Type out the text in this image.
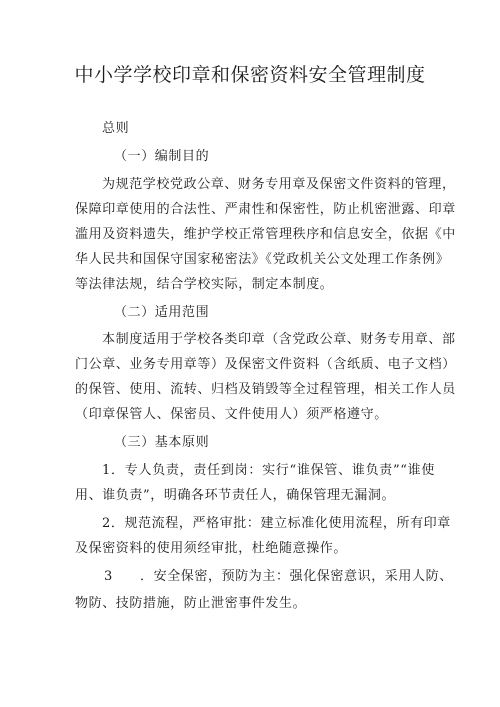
中小学学校印章和保密资料安全管理制度
总则
（一）编制目的
为规范学校党政公章、财务专用章及保密文件资料的管理，
保障印章使用的合法性、严肃性和保密性，防止机密泄露、印章
滥用及资料遗失，维护学校正常管理秩序和信息安全，依据《中
华人民共和国保守国家秘密法》《党政机关公文处理工作条例》
等法律法规，结合学校实际，制定本制度。
（二）适用范围
本制度适用于学校各类印章（含党政公章、财务专用章、部
门公章、业务专用章等）及保密文件资料（含纸质、电子文档）
的保管、使用、流转、归档及销毁等全过程管理，相关工作人员
（印章保管人、保密员、文件使用人）须严格遵守。
（三）基本原则
1．专人负责，责任到岗：实行“谁保管、谁负责”“谁使
用、谁负责”，明确各环节责任人，确保管理无漏洞。
2．规范流程，严格审批：建立标准化使用流程，所有印章
及保密资料的使用须经审批，杜绝随意操作。
3 ．安全保密，预防为主：强化保密意识，采用人防、
物防、技防措施，防止泄密事件发生。
